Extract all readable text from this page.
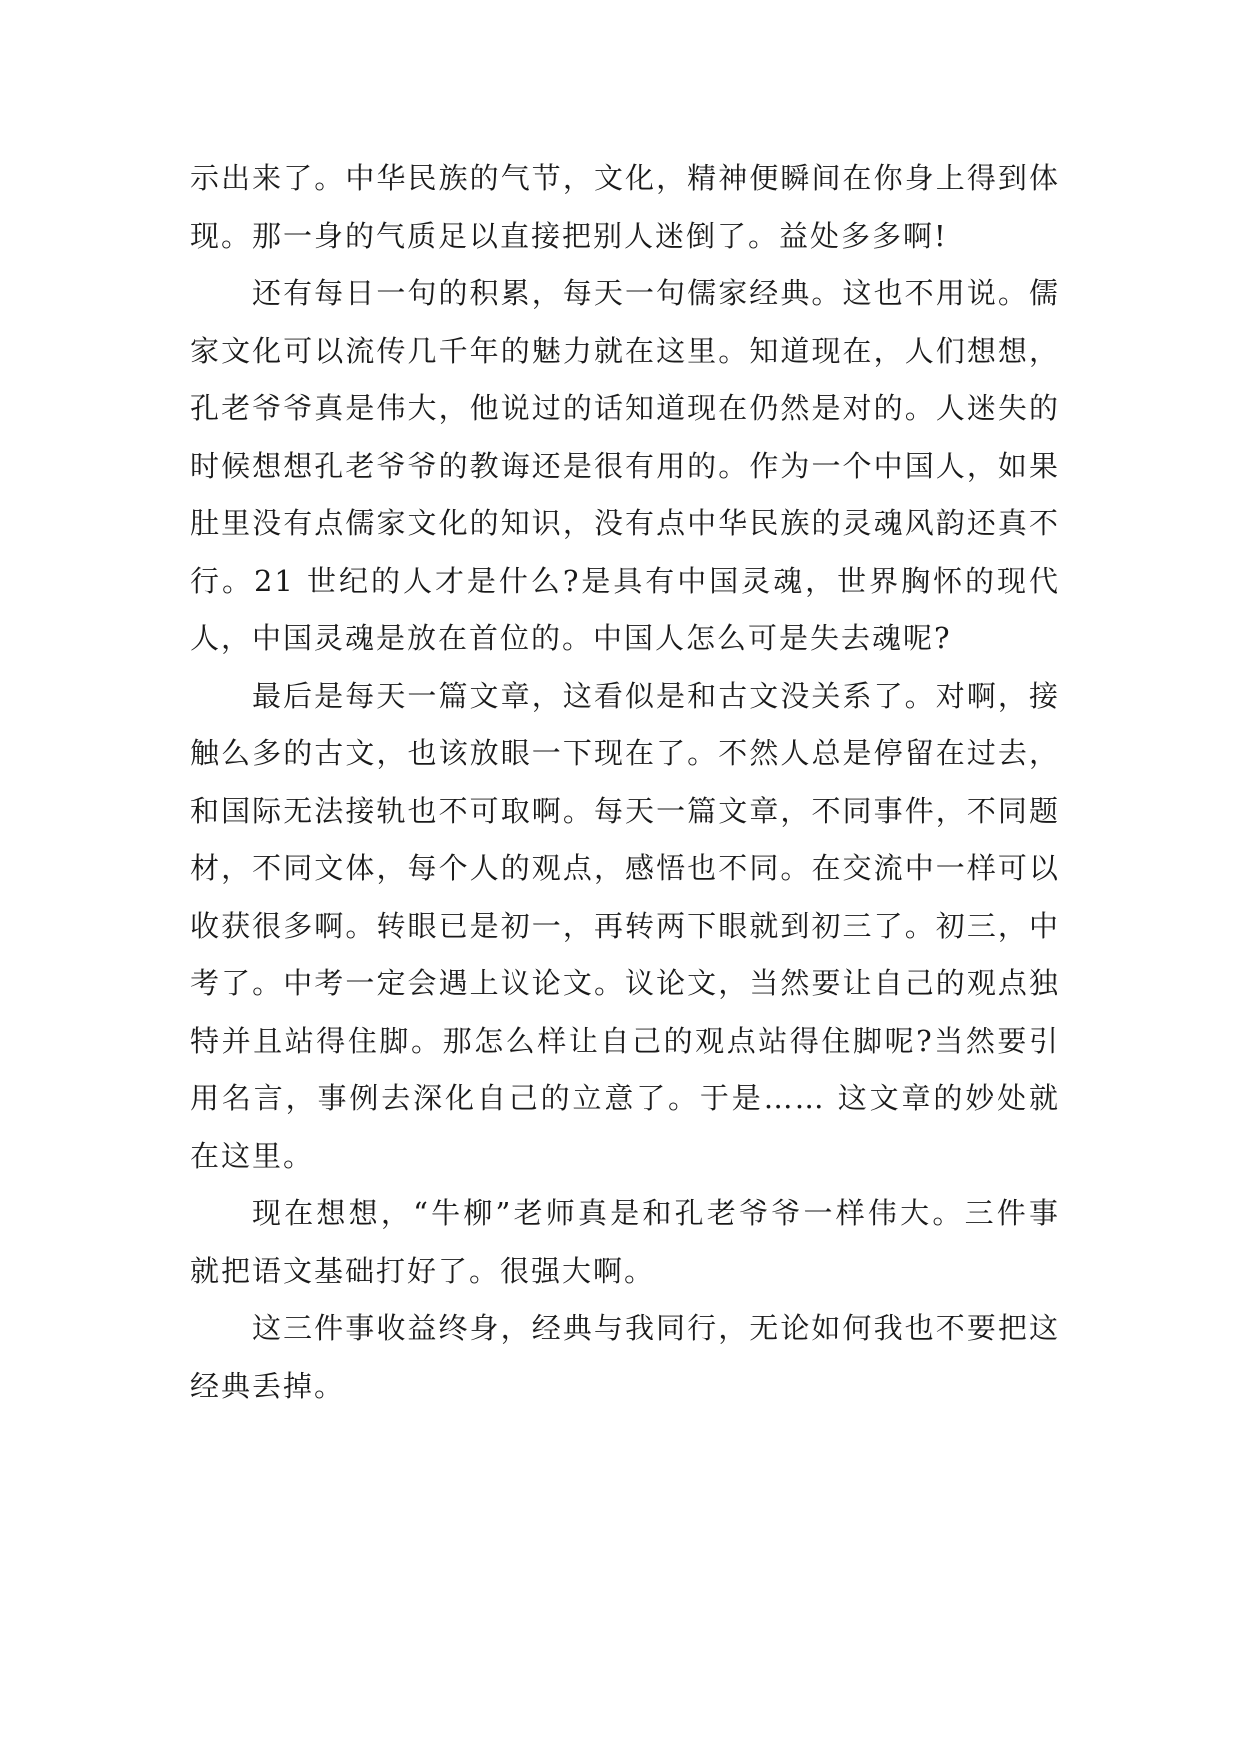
示出来了。中华民族的气节，文化，精神便瞬间在你身上得到体现。那一身的气质足以直接把别人迷倒了。益处多多啊!

还有每日一句的积累，每天一句儒家经典。这也不用说。儒家文化可以流传几千年的魅力就在这里。知道现在，人们想想，孔老爷爷真是伟大，他说过的话知道现在仍然是对的。人迷失的时候想想孔老爷爷的教诲还是很有用的。作为一个中国人，如果肚里没有点儒家文化的知识，没有点中华民族的灵魂风韵还真不行。21 世纪的人才是什么?是具有中国灵魂，世界胸怀的现代人，中国灵魂是放在首位的。中国人怎么可是失去魂呢?

最后是每天一篇文章，这看似是和古文没关系了。对啊，接触么多的古文，也该放眼一下现在了。不然人总是停留在过去，和国际无法接轨也不可取啊。每天一篇文章，不同事件，不同题材，不同文体，每个人的观点，感悟也不同。在交流中一样可以收获很多啊。转眼已是初一，再转两下眼就到初三了。初三，中考了。中考一定会遇上议论文。议论文，当然要让自己的观点独特并且站得住脚。那怎么样让自己的观点站得住脚呢?当然要引用名言，事例去深化自己的立意了。于是…… 这文章的妙处就在这里。

现在想想，“牛柳”老师真是和孔老爷爷一样伟大。三件事就把语文基础打好了。很强大啊。

这三件事收益终身，经典与我同行，无论如何我也不要把这经典丢掉。
